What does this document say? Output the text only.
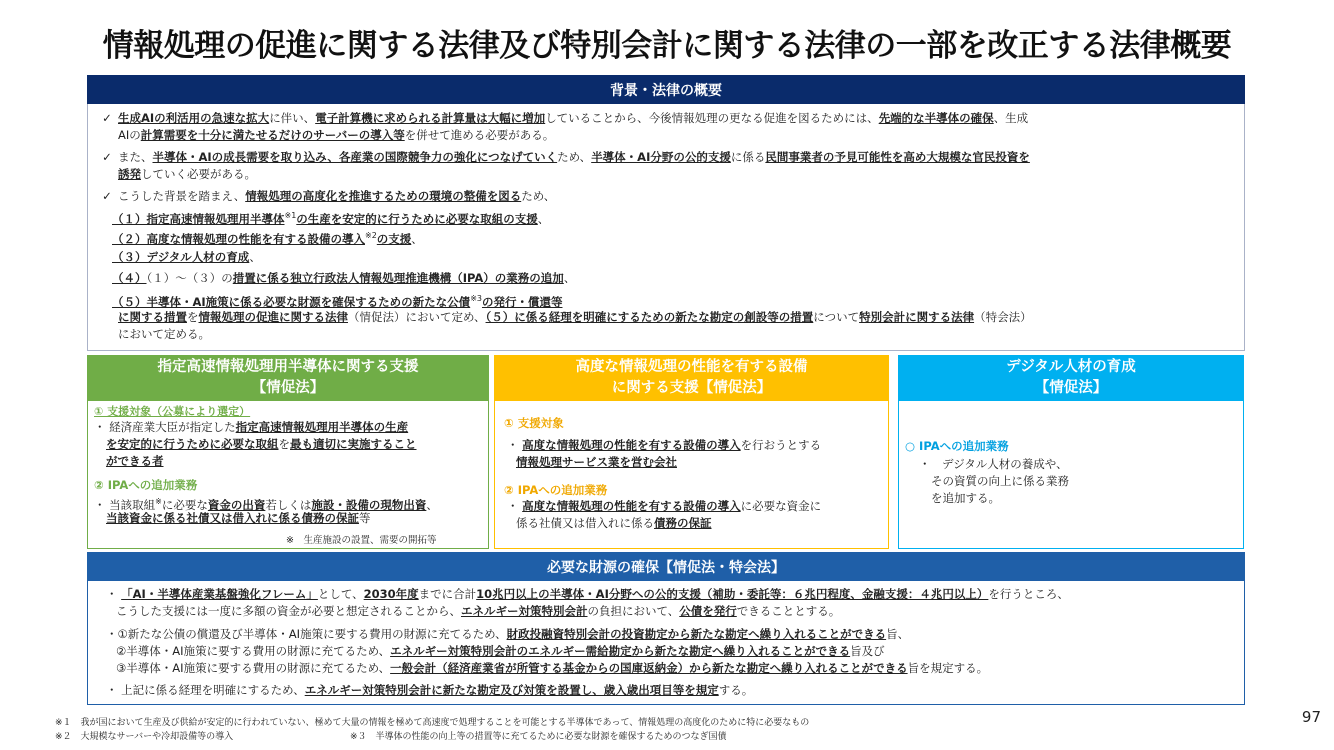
情報処理の促進に関する法律及び特別会計に関する法律の一部を改正する法律概要
背景・法律の概要
✓ 生成AIの利活用の急速な拡大に伴い、電子計算機に求められる計算量は大幅に増加していることから、今後情報処理の更なる促進を図るためには、先端的な半導体の確保、生成
AIの計算需要を十分に満たせるだけのサーバーの導入等を併せて進める必要がある。
✓ また、半導体・AIの成長需要を取り込み、各産業の国際競争力の強化につなげていくため、半導体・AI分野の公的支援に係る民間事業者の予見可能性を高め大規模な官民投資を
誘発していく必要がある。
✓ こうした背景を踏まえ、情報処理の高度化を推進するための環境の整備を図るため、
（１）指定高速情報処理用半導体$^{※1}$の生産を安定的に行うために必要な取組の支援、
（２）高度な情報処理の性能を有する設備の導入$^{※2}$の支援、
（３）デジタル人材の育成、
（４）（１）～（３）の措置に係る独立行政法人情報処理推進機構（IPA）の業務の追加、
（５）半導体・AI施策に係る必要な財源を確保するための新たな公債$^{※3}$の発行・償還等
に関する措置を情報処理の促進に関する法律（情促法）において定め、（５）に係る経理を明確にするための新たな勘定の創設等の措置について特別会計に関する法律（特会法）
において定める。
指定高速情報処理用半導体に関する支援
【情促法】
① 支援対象（公募により選定）
・ 経済産業大臣が指定した指定高速情報処理用半導体の生産
を安定的に行うために必要な取組を最も適切に実施すること
ができる者
② IPAへの追加業務
・ 当該取組※に必要な資金の出資若しくは施設・設備の現物出資、
当該資金に係る社債又は借入れに係る債務の保証等
※　生産施設の設置、需要の開拓等
高度な情報処理の性能を有する設備
に関する支援【情促法】
① 支援対象
・ 高度な情報処理の性能を有する設備の導入を行おうとする
情報処理サービス業を営む会社
② IPAへの追加業務
・ 高度な情報処理の性能を有する設備の導入に必要な資金に
係る社債又は借入れに係る債務の保証
デジタル人材の育成
【情促法】
○ IPAへの追加業務
・　デジタル人材の養成や、
その資質の向上に係る業務
を追加する。
必要な財源の確保【情促法・特会法】
・ 「AI・半導体産業基盤強化フレーム」として、2030年度までに合計10兆円以上の半導体・AI分野への公的支援（補助・委託等：６兆円程度、金融支援：４兆円以上）を行うところ、
こうした支援には一度に多額の資金が必要と想定されることから、エネルギー対策特別会計の負担において、公債を発行できることとする。
・①新たな公債の償還及び半導体・AI施策に要する費用の財源に充てるため、財政投融資特別会計の投資勘定から新たな勘定へ繰り入れることができる旨、
②半導体・AI施策に要する費用の財源に充てるため、エネルギー対策特別会計のエネルギー需給勘定から新たな勘定へ繰り入れることができる旨及び
③半導体・AI施策に要する費用の財源に充てるため、一般会計（経済産業省が所管する基金からの国庫返納金）から新たな勘定へ繰り入れることができる旨を規定する。
・ 上記に係る経理を明確にするため、エネルギー対策特別会計に新たな勘定及び対策を設置し、歳入歳出項目等を規定する。
※１　我が国において生産及び供給が安定的に行われていない、極めて大量の情報を極めて高速度で処理することを可能とする半導体であって、情報処理の高度化のために特に必要なもの
※２　大規模なサーバーや冷却設備等の導入	※３　半導体の性能の向上等の措置等に充てるために必要な財源を確保するためのつなぎ国債
97
